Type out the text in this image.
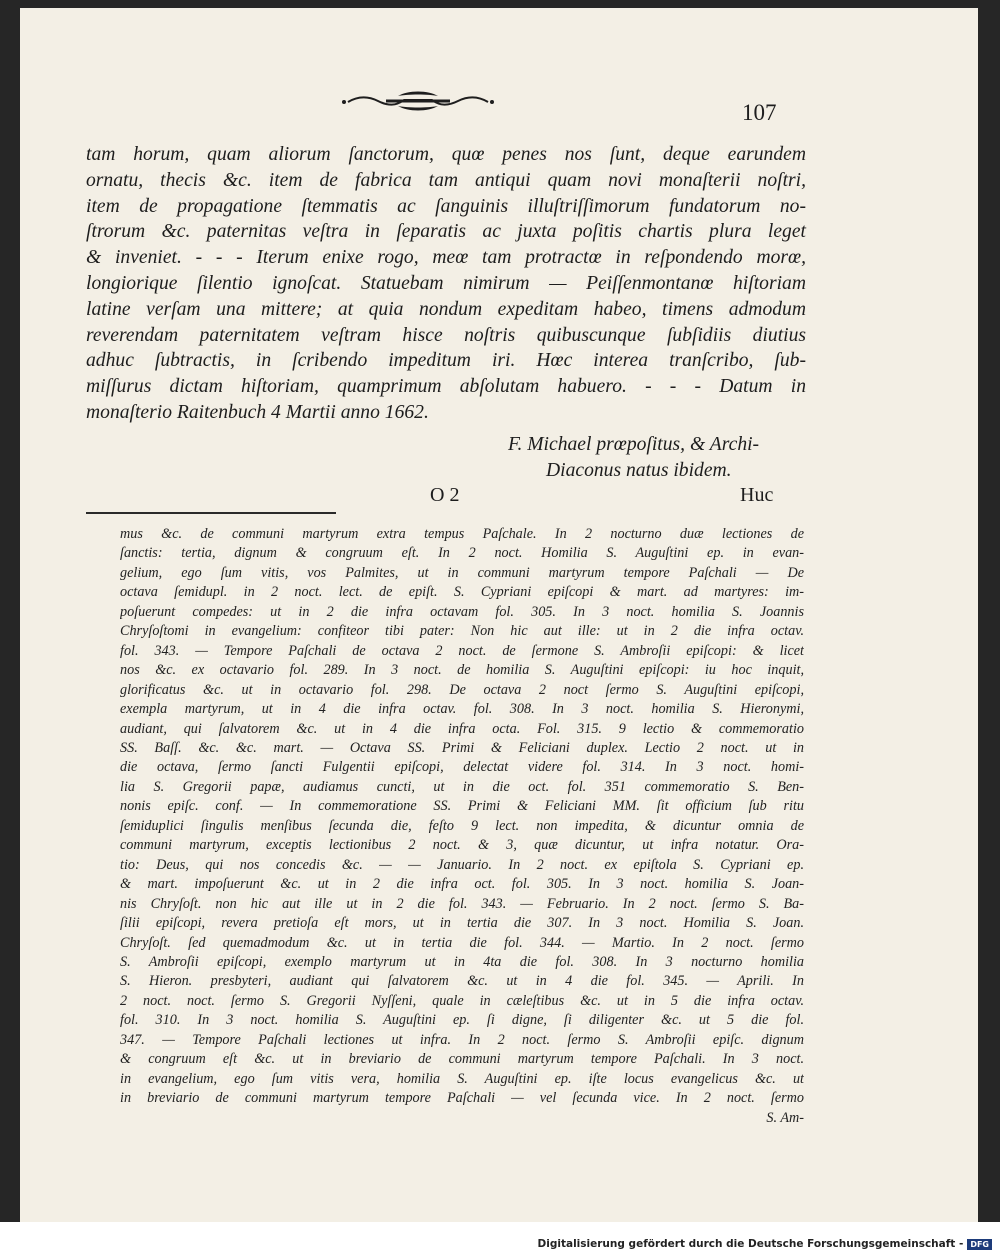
107

tam horum, quam aliorum ſanctorum, quœ penes nos ſunt, deque earundem

ornatu, thecis &c. item de fabrica tam antiqui quam novi monaſterii noſtri,

item de propagatione ſtemmatis ac ſanguinis illuſtriſſimorum fundatorum no-

ſtrorum &c. paternitas veſtra in ſeparatis ac juxta poſitis chartis plura leget

& inveniet. - - - Iterum enixe rogo, meœ tam protractœ in reſpondendo morœ,

longiorique ſilentio ignoſcat. Statuebam nimirum — Peiſſenmontanœ hiſtoriam

latine verſam una mittere; at quia nondum expeditam habeo, timens admodum

reverendam paternitatem veſtram hisce noſtris quibuscunque ſubſidiis diutius

adhuc ſubtractis, in ſcribendo impeditum iri. Hœc interea tranſcribo, ſub-

miſſurus dictam hiſtoriam, quamprimum abſolutam habuero. - - - Datum in

monaſterio Raitenbuch 4 Martii anno 1662.

F. Michael prœpoſitus, & Archi-

Diaconus natus ibidem.

O 2	Huc

mus &c. de communi martyrum extra tempus Paſchale. In 2 nocturno duæ lectiones de

ſanctis: tertia, dignum & congruum eſt. In 2 noct. Homilia S. Auguſtini ep. in evan-

gelium, ego ſum vitis, vos Palmites, ut in communi martyrum tempore Paſchali — De

octava ſemidupl. in 2 noct. lect. de epiſt. S. Cypriani epiſcopi & mart. ad martyres: im-

poſuerunt compedes: ut in 2 die infra octavam fol. 305. In 3 noct. homilia S. Joannis

Chryſoſtomi in evangelium: confiteor tibi pater: Non hic aut ille: ut in 2 die infra octav.

fol. 343. — Tempore Paſchali de octava 2 noct. de ſermone S. Ambroſii epiſcopi: & licet

nos &c. ex octavario fol. 289. In 3 noct. de homilia S. Auguſtini epiſcopi: iu hoc inquit,

glorificatus &c. ut in octavario fol. 298. De octava 2 noct ſermo S. Auguſtini epiſcopi,

exempla martyrum, ut in 4 die infra octav. fol. 308. In 3 noct. homilia S. Hieronymi,

audiant, qui ſalvatorem &c. ut in 4 die infra octa. Fol. 315. 9 lectio & commemoratio

SS. Baſſ. &c. &c. mart. — Octava SS. Primi & Feliciani duplex. Lectio 2 noct. ut in

die octava, ſermo ſancti Fulgentii epiſcopi, delectat videre fol. 314. In 3 noct. homi-

lia S. Gregorii papæ, audiamus cuncti, ut in die oct. fol. 351 commemoratio S. Ben-

nonis epiſc. conf. — In commemoratione SS. Primi & Feliciani MM. ſit officium ſub ritu

ſemiduplici ſingulis menſibus ſecunda die, feſto 9 lect. non impedita, & dicuntur omnia de

communi martyrum, exceptis lectionibus 2 noct. & 3, quæ dicuntur, ut infra notatur. Ora-

tio: Deus, qui nos concedis &c. — — Januario. In 2 noct. ex epiſtola S. Cypriani ep.

& mart. impoſuerunt &c. ut in 2 die infra oct. fol. 305. In 3 noct. homilia S. Joan-

nis Chryſoſt. non hic aut ille ut in 2 die fol. 343. — Februario. In 2 noct. ſermo S. Ba-

ſilii epiſcopi, revera pretioſa eſt mors, ut in tertia die 307. In 3 noct. Homilia S. Joan.

Chryſoſt. ſed quemadmodum &c. ut in tertia die fol. 344. — Martio. In 2 noct. ſermo

S. Ambroſii epiſcopi, exemplo martyrum ut in 4ta die fol. 308. In 3 nocturno homilia

S. Hieron. presbyteri, audiant qui ſalvatorem &c. ut in 4 die fol. 345. — Aprili. In

2 noct. noct. ſermo S. Gregorii Nyſſeni, quale in cæleſtibus &c. ut in 5 die infra octav.

fol. 310. In 3 noct. homilia S. Auguſtini ep. ſi digne, ſi diligenter &c. ut 5 die fol.

347. — Tempore Paſchali lectiones ut infra. In 2 noct. ſermo S. Ambroſii epiſc. dignum

& congruum eſt &c. ut in breviario de communi martyrum tempore Paſchali. In 3 noct.

in evangelium, ego ſum vitis vera, homilia S. Auguſtini ep. iſte locus evangelicus &c. ut

in breviario de communi martyrum tempore Paſchali — vel ſecunda vice. In 2 noct. ſermo

S. Am-

Digitalisierung gefördert durch die Deutsche Forschungsgemeinschaft - DFG
